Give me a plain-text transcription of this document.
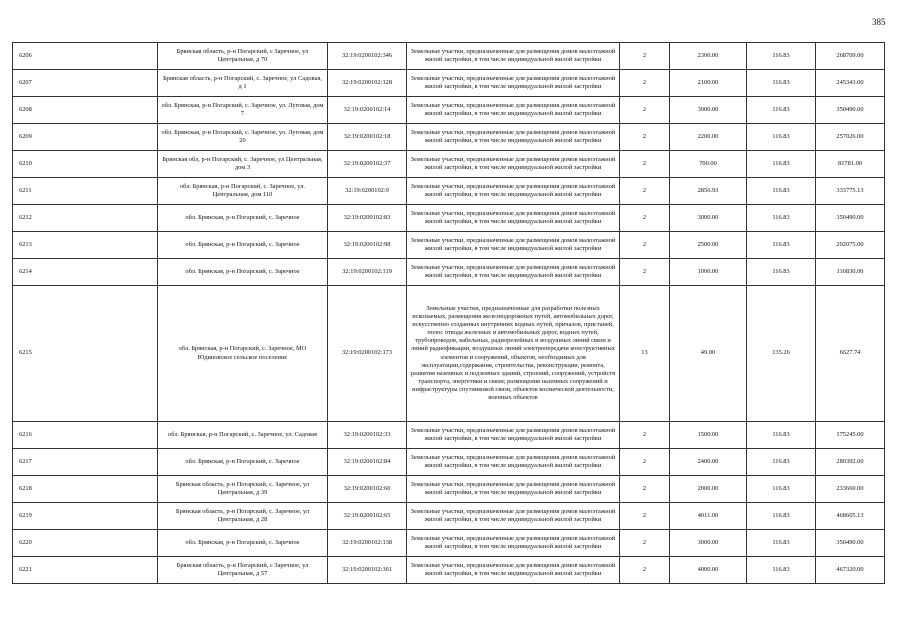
385
6206	Брянская область, р-н Погарский, с Заречное, ул Центральная, д 70	32:19:0200102:346	Земельные участки, предназначенные для размещения домов малоэтажной жилой застройки, в том числе индивидуальной жилой застройки	2	2300.00	116.83	268709.00
6207	Брянская область, р-н Погарский, с. Заречное, ул Садовая, д 1	32:19:0200102:128	Земельные участки, предназначенные для размещения домов малоэтажной жилой застройки, в том числе индивидуальной жилой застройки	2	2100.00	116.83	245343.00
6208	обл. Брянская, р-н Погарский, с. Заречное, ул. Луговая, дом 7	32:19:0200102:14	Земельные участки, предназначенные для размещения домов малоэтажной жилой застройки, в том числе индивидуальной жилой застройки	2	3000.00	116.83	350490.00
6209	обл. Брянская, р-н Погарский, с. Заречное, ул. Луговая, дом 20	32:19:0200102:18	Земельные участки, предназначенные для размещения домов малоэтажной жилой застройки, в том числе индивидуальной жилой застройки	2	2200.00	116.83	257026.00
6210	Брянская обл, р-н Погарский, с. Заречное, ул Центральная, дом 3	32:19:0200102:37	Земельные участки, предназначенные для размещения домов малоэтажной жилой застройки, в том числе индивидуальной жилой застройки	2	700.00	116.83	81781.00
6211	обл. Брянская, р-н Погарский, с. Заречное, ул. Центральная, дом 110	32:19:0200102:9	Земельные участки, предназначенные для размещения домов малоэтажной жилой застройки, в том числе индивидуальной жилой застройки	2	2856.93	116.83	333775.13
6212	обл. Брянская, р-н Погарский, с. Заречное	32:19:0200102:83	Земельные участки, предназначенные для размещения домов малоэтажной жилой застройки, в том числе индивидуальной жилой застройки	2	3000.00	116.83	350490.00
6213	обл. Брянская, р-н Погарский, с. Заречное	32:19:0200102:98	Земельные участки, предназначенные для размещения домов малоэтажной жилой застройки, в том числе индивидуальной жилой застройки	2	2500.00	116.83	292075.00
6214	обл. Брянская, р-н Погарский, с. Заречное	32:19:0200102:119	Земельные участки, предназначенные для размещения домов малоэтажной жилой застройки, в том числе индивидуальной жилой застройки	2	1000.00	116.83	116830.00
6215	обл. Брянская, р-н Погарский, с. Заречное, МО Юдиновское сельское поселение	32:19:0200102:173	Земельные участки, предназначенные для разработки полезных ископаемых, размещения железнодорожных путей, автомобильных дорог, искусственно созданных внутренних водных путей, причалов, пристаней, полос отвода железных и автомобильных дорог, водных путей, трубопроводов, кабельных, радиорелейных и воздушных линий связи и линий радиофикации, воздушных линий электропередачи конструктивных элементов и сооружений, объектов, необходимых для эксплуатации,содержания, строительства, реконструкции, ремонта, развития наземных и подземных зданий, строений, сооружений, устройств транспорта, энергетики и связи; размещения наземных сооружений и инфраструктуры спутниковой связи, объектов космической деятельности, военных объектов	13	49.00	135.26	6627.74
6216	обл. Брянская, р-н Погарский, с. Заречное, ул. Садовая	32:19:0200102:33	Земельные участки, предназначенные для размещения домов малоэтажной жилой застройки, в том числе индивидуальной жилой застройки	2	1500.00	116.83	175245.00
6217	обл. Брянская, р-н Погарский, с. Заречное	32:19:0200102:84	Земельные участки, предназначенные для размещения домов малоэтажной жилой застройки, в том числе индивидуальной жилой застройки	2	2400.00	116.83	280392.00
6218	Брянская область, р-н Погарский, с. Заречное, ул Центральная, д 39	32:19:0200102:60	Земельные участки, предназначенные для размещения домов малоэтажной жилой застройки, в том числе индивидуальной жилой застройки	2	2000.00	116.83	233660.00
6219	Брянская область, р-н Погарский, с. Заречное, ул Центральная, д 28	32:19:0200102:65	Земельные участки, предназначенные для размещения домов малоэтажной жилой застройки, в том числе индивидуальной жилой застройки	2	4011.00	116.83	468605.13
6220	обл. Брянская, р-н Погарский, с. Заречное	32:19:0200102:138	Земельные участки, предназначенные для размещения домов малоэтажной жилой застройки, в том числе индивидуальной жилой застройки	2	3000.00	116.83	350490.00
6221	Брянская область, р-н Погарский, с Заречное, ул Центральная, д 57	32:19:0200102:361	Земельные участки, предназначенные для размещения домов малоэтажной жилой застройки, в том числе индивидуальной жилой застройки	2	4000.00	116.83	467320.00
